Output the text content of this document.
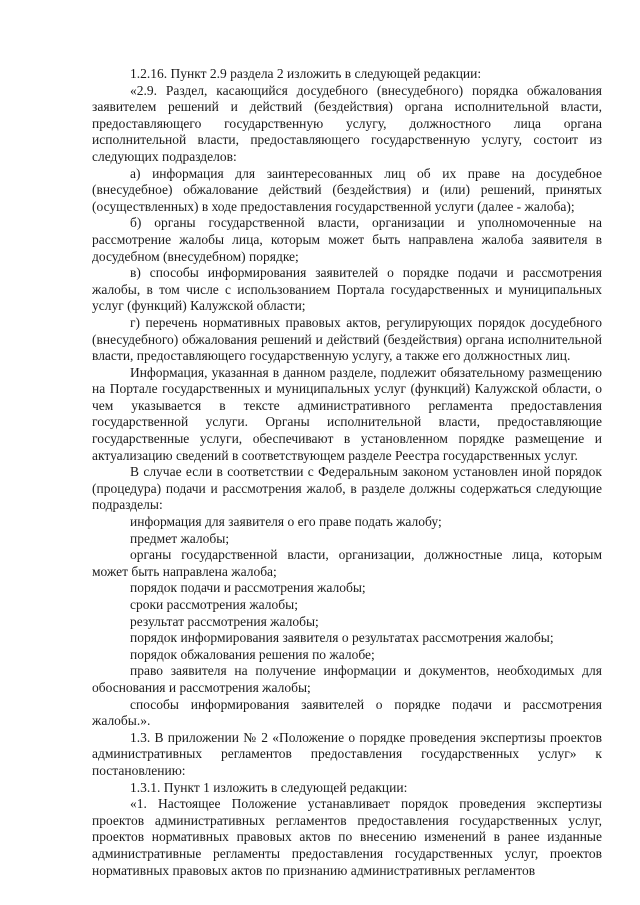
1.2.16. Пункт 2.9 раздела 2 изложить в следующей редакции:

«2.9. Раздел, касающийся досудебного (внесудебного) порядка обжалования заявителем решений и действий (бездействия) органа исполнительной власти, предоставляющего государственную услугу, должностного лица органа исполнительной власти, предоставляющего государственную услугу, состоит из следующих подразделов:

а) информация для заинтересованных лиц об их праве на досудебное (внесудебное) обжалование действий (бездействия) и (или) решений, принятых (осуществленных) в ходе предоставления государственной услуги (далее - жалоба);

б) органы государственной власти, организации и уполномоченные на рассмотрение жалобы лица, которым может быть направлена жалоба заявителя в досудебном (внесудебном) порядке;

в) способы информирования заявителей о порядке подачи и рассмотрения жалобы, в том числе с использованием Портала государственных и муниципальных услуг (функций) Калужской области;

г) перечень нормативных правовых актов, регулирующих порядок досудебного (внесудебного) обжалования решений и действий (бездействия) органа исполнительной власти, предоставляющего государственную услугу, а также его должностных лиц.

Информация, указанная в данном разделе, подлежит обязательному размещению на Портале государственных и муниципальных услуг (функций) Калужской области, о чем указывается в тексте административного регламента предоставления государственной услуги. Органы исполнительной власти, предоставляющие государственные услуги, обеспечивают в установленном порядке размещение и актуализацию сведений в соответствующем разделе Реестра государственных услуг.

В случае если в соответствии с Федеральным законом установлен иной порядок (процедура) подачи и рассмотрения жалоб, в разделе должны содержаться следующие подразделы:

информация для заявителя о его праве подать жалобу;

предмет жалобы;

органы государственной власти, организации, должностные лица, которым может быть направлена жалоба;

порядок подачи и рассмотрения жалобы;

сроки рассмотрения жалобы;

результат рассмотрения жалобы;

порядок информирования заявителя о результатах рассмотрения жалобы;

порядок обжалования решения по жалобе;

право заявителя на получение информации и документов, необходимых для обоснования и рассмотрения жалобы;

способы информирования заявителей о порядке подачи и рассмотрения жалобы.».

1.3. В приложении № 2 «Положение о порядке проведения экспертизы проектов административных регламентов предоставления государственных услуг» к постановлению:

1.3.1. Пункт 1 изложить в следующей редакции:

«1. Настоящее Положение устанавливает порядок проведения экспертизы проектов административных регламентов предоставления государственных услуг, проектов нормативных правовых актов по внесению изменений в ранее изданные административные регламенты предоставления государственных услуг, проектов нормативных правовых актов по признанию административных регламентов
